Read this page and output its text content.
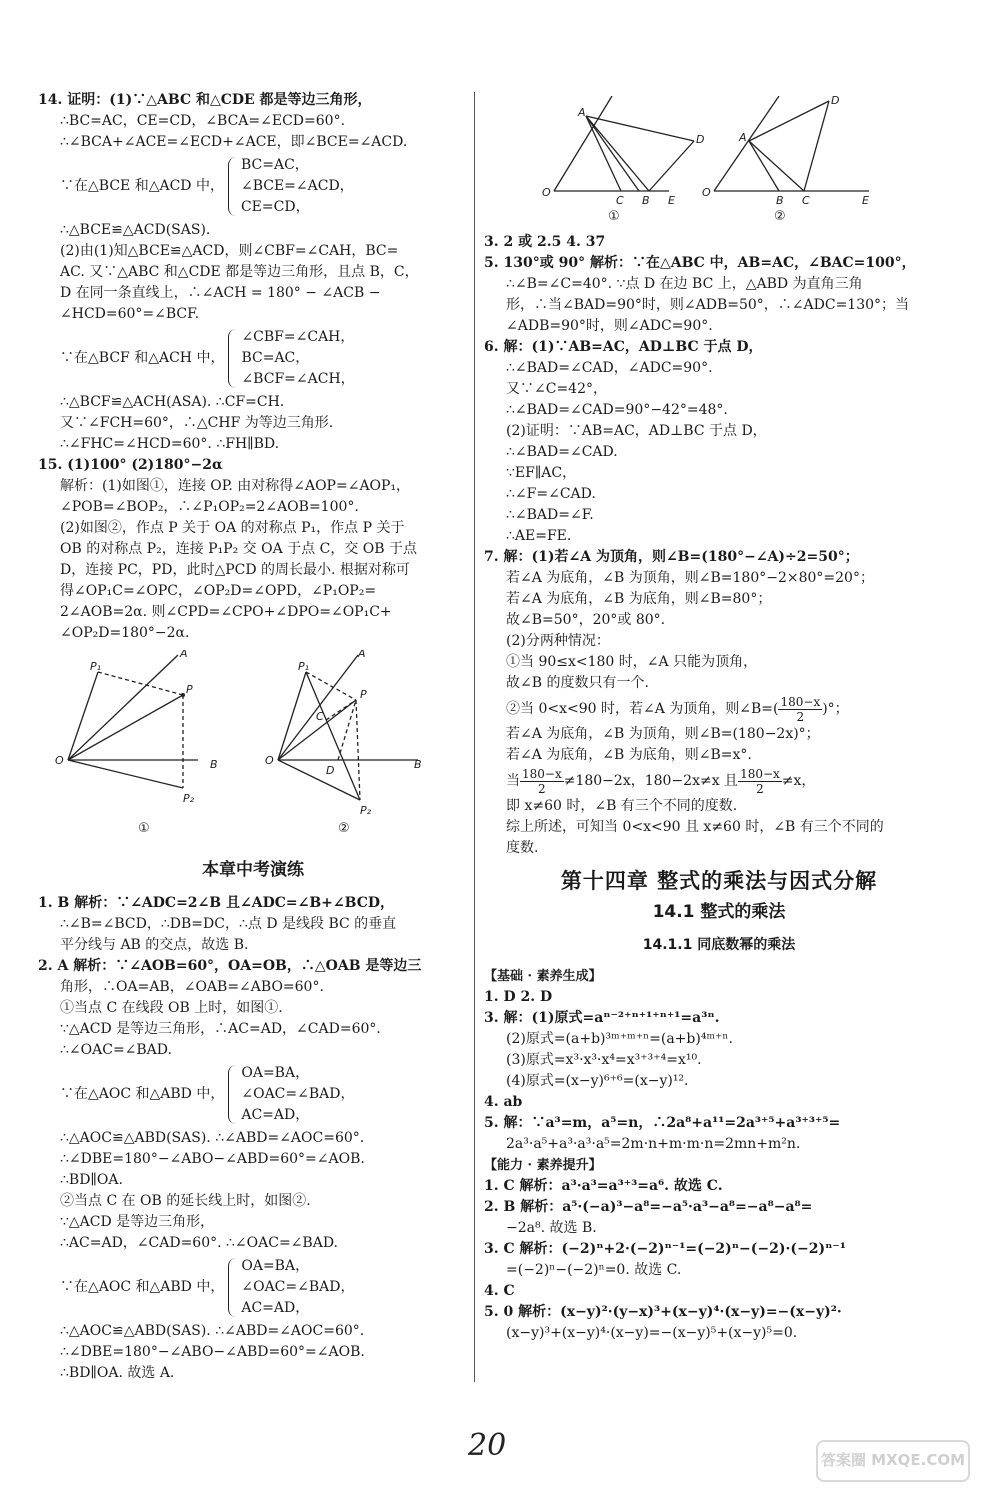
14. 证明：(1)∵△ABC 和△CDE 都是等边三角形，
∴BC=AC，CE=CD，∠BCA=∠ECD=60°.
∴∠BCA+∠ACE=∠ECD+∠ACE，即∠BCE=∠ACD.
∵在△BCE 和△ACD 中，
BC=AC，
∠BCE=∠ACD，
CE=CD，
∴△BCE≌△ACD(SAS).
(2)由(1)知△BCE≌△ACD，则∠CBF=∠CAH，BC=
AC. 又∵△ABC 和△CDE 都是等边三角形，且点 B，C，
D 在同一条直线上，∴∠ACH = 180° − ∠ACB −
∠HCD=60°=∠BCF.
∵在△BCF 和△ACH 中，
∠CBF=∠CAH，
BC=AC，
∠BCF=∠ACH，
∴△BCF≌△ACH(ASA). ∴CF=CH.
又∵∠FCH=60°，∴△CHF 为等边三角形.
∴∠FHC=∠HCD=60°. ∴FH∥BD.
15. (1)100° (2)180°−2α
解析：(1)如图①，连接 OP. 由对称得∠AOP=∠AOP₁，
∠POB=∠BOP₂，∴∠P₁OP₂=2∠AOB=100°.
(2)如图②，作点 P 关于 OA 的对称点 P₁，作点 P 关于
OB 的对称点 P₂，连接 P₁P₂ 交 OA 于点 C，交 OB 于点
D，连接 PC，PD，此时△PCD 的周长最小. 根据对称可
得∠OP₁C=∠OPC，∠OP₂D=∠OPD，∠P₁OP₂=
2∠AOB=2α. 则∠CPD=∠CPO+∠DPO=∠OP₁C+
∠OP₂D=180°−2α.
O
A
P₁
P
B
P₂
①
O
A
P₁
C
P
D	B
P₂
②
本章中考演练
1. B 解析：∵∠ADC=2∠B 且∠ADC=∠B+∠BCD，
∴∠B=∠BCD，∴DB=DC，∴点 D 是线段 BC 的垂直
平分线与 AB 的交点，故选 B.
2. A 解析：∵∠AOB=60°，OA=OB，∴△OAB 是等边三
角形，∴OA=AB，∠OAB=∠ABO=60°.
①当点 C 在线段 OB 上时，如图①.
∵△ACD 是等边三角形，∴AC=AD，∠CAD=60°.
∴∠OAC=∠BAD.
∵在△AOC 和△ABD 中，
OA=BA，
∠OAC=∠BAD，
AC=AD，
∴△AOC≌△ABD(SAS). ∴∠ABD=∠AOC=60°.
∴∠DBE=180°−∠ABO−∠ABD=60°=∠AOB.
∴BD∥OA.
②当点 C 在 OB 的延长线上时，如图②.
∵△ACD 是等边三角形，
∴AC=AD，∠CAD=60°. ∴∠OAC=∠BAD.
∵在△AOC 和△ABD 中，
OA=BA，
∠OAC=∠BAD，
AC=AD，
∴△AOC≌△ABD(SAS). ∴∠ABD=∠AOC=60°.
∴∠DBE=180°−∠ABO−∠ABD=60°=∠AOB.
∴BD∥OA. 故选 A.
O
A
D
C B E
①
O
A
D
B C	E
②
3. 2 或 2.5 4. 37
5. 130°或 90° 解析：∵在△ABC 中，AB=AC，∠BAC=100°，
∴∠B=∠C=40°. ∵点 D 在边 BC 上，△ABD 为直角三角
形，∴当∠BAD=90°时，则∠ADB=50°，∴∠ADC=130°；当
∠ADB=90°时，则∠ADC=90°.
6. 解：(1)∵AB=AC，AD⊥BC 于点 D，
∴∠BAD=∠CAD，∠ADC=90°.
又∵∠C=42°，
∴∠BAD=∠CAD=90°−42°=48°.
(2)证明：∵AB=AC，AD⊥BC 于点 D，
∴∠BAD=∠CAD.
∵EF∥AC，
∴∠F=∠CAD.
∴∠BAD=∠F.
∴AE=FE.
7. 解：(1)若∠A 为顶角，则∠B=(180°−∠A)÷2=50°；
若∠A 为底角，∠B 为顶角，则∠B=180°−2×80°=20°；
若∠A 为底角，∠B 为底角，则∠B=80°；
故∠B=50°，20°或 80°.
(2)分两种情况：
①当 90≤x<180 时，∠A 只能为顶角，
故∠B 的度数只有一个.
②当 0<x<90 时，若∠A 为顶角，则∠B=( $\frac{180-x}{2}$ )°；
若∠A 为底角，∠B 为顶角，则∠B=(180−2x)°；
若∠A 为底角，∠B 为底角，则∠B=x°.
当 $\frac{180-x}{2} \ne 180-2x$，180−2x≠x 且 $\frac{180-x}{2} \ne x$，
即 x≠60 时，∠B 有三个不同的度数.
综上所述，可知当 0<x<90 且 x≠60 时，∠B 有三个不同的
度数.
第十四章 整式的乘法与因式分解
14.1 整式的乘法
14.1.1 同底数幂的乘法
【基础 · 素养生成】
1. D 2. D
3. 解：(1)原式=aⁿ⁻²⁺ⁿ⁺¹⁺ⁿ⁺¹=a³ⁿ.
(2)原式=(a+b)³ᵐ⁺ᵐ⁺ⁿ=(a+b)⁴ᵐ⁺ⁿ.
(3)原式=x³·x³·x⁴=x³⁺³⁺⁴=x¹⁰.
(4)原式=(x−y)⁶⁺⁶=(x−y)¹².
4. ab
5. 解：∵a³=m，a⁵=n，∴2a⁸+a¹¹=2a³⁺⁵+a³⁺³⁺⁵=
2a³·a⁵+a³·a³·a⁵=2m·n+m·m·n=2mn+m²n.
【能力 · 素养提升】
1. C 解析：a³·a³=a³⁺³=a⁶. 故选 C.
2. B 解析：a⁵·(−a)³−a⁸=−a⁵·a³−a⁸=−a⁸−a⁸=
−2a⁸. 故选 B.
3. C 解析：(−2)ⁿ+2·(−2)ⁿ⁻¹=(−2)ⁿ−(−2)·(−2)ⁿ⁻¹
=(−2)ⁿ−(−2)ⁿ=0. 故选 C.
4. C
5. 0 解析：(x−y)²·(y−x)³+(x−y)⁴·(x−y)=−(x−y)²·
(x−y)³+(x−y)⁴·(x−y)=−(x−y)⁵+(x−y)⁵=0.
20	答案圈 MXQE.COM
